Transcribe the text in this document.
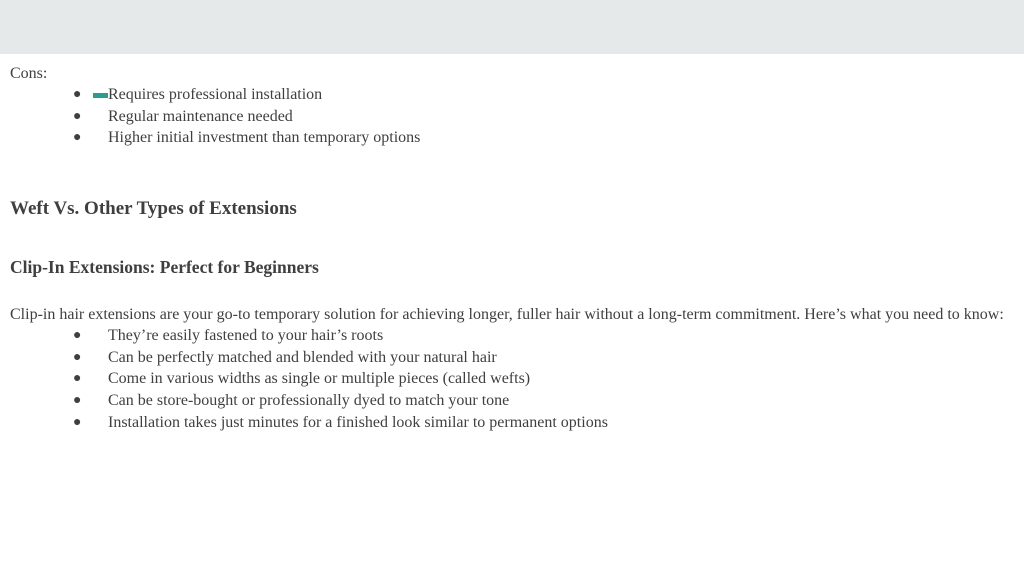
Cons:

● Requires professional installation
● Regular maintenance needed
● Higher initial investment than temporary options
Weft Vs. Other Types of Extensions
Clip-In Extensions: Perfect for Beginners

Clip-in hair extensions are your go-to temporary solution for achieving longer, fuller hair without a long-term commitment. Here’s what you need to know:

● They’re easily fastened to your hair’s roots
● Can be perfectly matched and blended with your natural hair
● Come in various widths as single or multiple pieces (called wefts)
● Can be store-bought or professionally dyed to match your tone
● Installation takes just minutes for a finished look similar to permanent options
